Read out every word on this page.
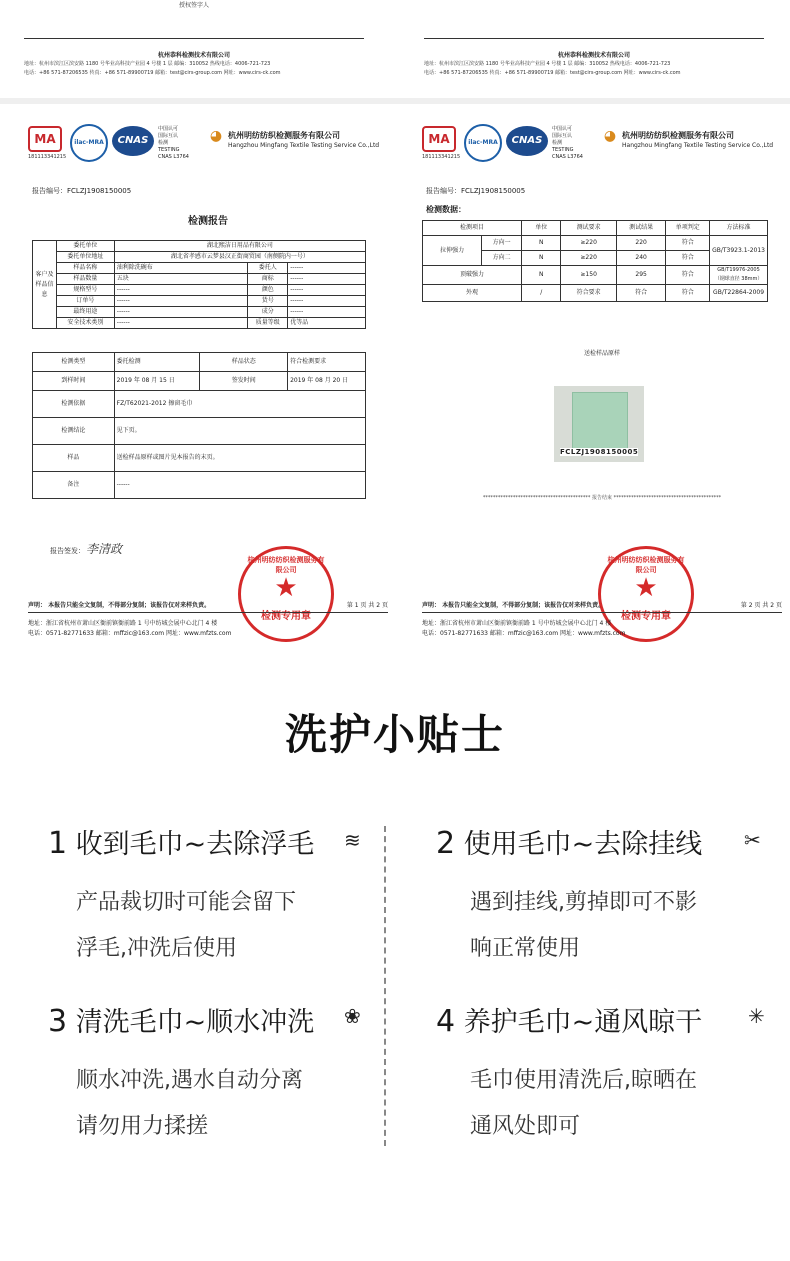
授权签字人
杭州恭科检测技术有限公司
地址：杭州市滨江区滨安路 1180 号华业高科技产业园 4 号楼 1 层 邮编：310052 热线电话：4006-721-723
电话：+86 571-87206535 传真：+86 571-89900719 邮箱：test@cirs-group.com 网址：www.cirs-ck.com
杭州恭科检测技术有限公司
地址：杭州市滨江区滨安路 1180 号华业高科技产业园 4 号楼 1 层 邮编：310052 热线电话：4006-721-723
电话：+86 571-87206535 传真：+86 571-89900719 邮箱：test@cirs-group.com 网址：www.cirs-ck.com
MA
181113341215
ilac-MRA	CNAS
中国认可
国际互认
检测
TESTING
CNAS L3764
◕ 杭州明纺纺织检测服务有限公司
Hangzhou Mingfang Textile Testing Service Co.,Ltd
报告编号：FCLZJ1908150005
检测报告
客户及样品信息	委托单位	湖北熙洁日用品有限公司		
	委托单位地址	湖北省孝感市云梦县汉正街商贸园（南侧院内一号）		
	样品名称	油利除洗碗布	委托人	------
	样品数量	五块	商标	------
	规格型号	------	颜色	------
	订单号	------	货号	------
	最终用途	------	成分	------
	安全技术类别	------	质量等级	优等品
检测类型	委托检测	样品状态	符合检测要求
到样时间	2019 年 08 月 15 日	签发时间	2019 年 08 月 20 日
检测依据	FZ/T62021-2012 擦窗毛巾		
检测结论	见下页。		
样品	送检样品原样或图片见本报告的末页。		
备注	------		
报告签发： 李清政
杭州明纺纺织检测服务有限公司
★
检测专用章
声明： 本报告只能全文复制，不得部分复制；该报告仅对来样负责。	第 1 页 共 2 页
地址：浙江省杭州市萧山区衙前镇衙前路 1 号中纺城会展中心北门 4 楼
电话：0571-82771633 邮箱：mffzic@163.com 网址：www.mfzts.com
MA
181113341215
ilac-MRA	CNAS
中国认可
国际互认
检测
TESTING
CNAS L3764
◕ 杭州明纺纺织检测服务有限公司
Hangzhou Mingfang Textile Testing Service Co.,Ltd
报告编号：FCLZJ1908150005
检测数据：
检测项目		单位	测试要求	测试结果	单项判定	方法标准
拉伸强力	方向一	N	≥220	220	符合	GB/T3923.1-2013
	方向二	N	≥220	240	符合	
顶破强力		N	≥150	295	符合	GB/T19976-2005
（钢球直径 38mm）

外观		/	符合要求	符合	符合	GB/T22864-2009
送检样品原样
FCLZJ1908150005
******************************************* 报告结束 *******************************************
杭州明纺纺织检测服务有限公司
★
检测专用章
声明： 本报告只能全文复制，不得部分复制；该报告仅对来样负责。	第 2 页 共 2 页
地址：浙江省杭州市萧山区衙前镇衙前路 1 号中纺城会展中心北门 4 楼
电话：0571-82771633 邮箱：mffzic@163.com 网址：www.mfzts.com
洗护小贴士
1 收到毛巾~去除浮毛 ≋
产品裁切时可能会留下
浮毛,冲洗后使用
2 使用毛巾~去除挂线 ✂
遇到挂线,剪掉即可不影
响正常使用
3 清洗毛巾~顺水冲洗 ❀
顺水冲洗,遇水自动分离
请勿用力揉搓
4 养护毛巾~通风晾干 ✳
毛巾使用清洗后,晾晒在
通风处即可
